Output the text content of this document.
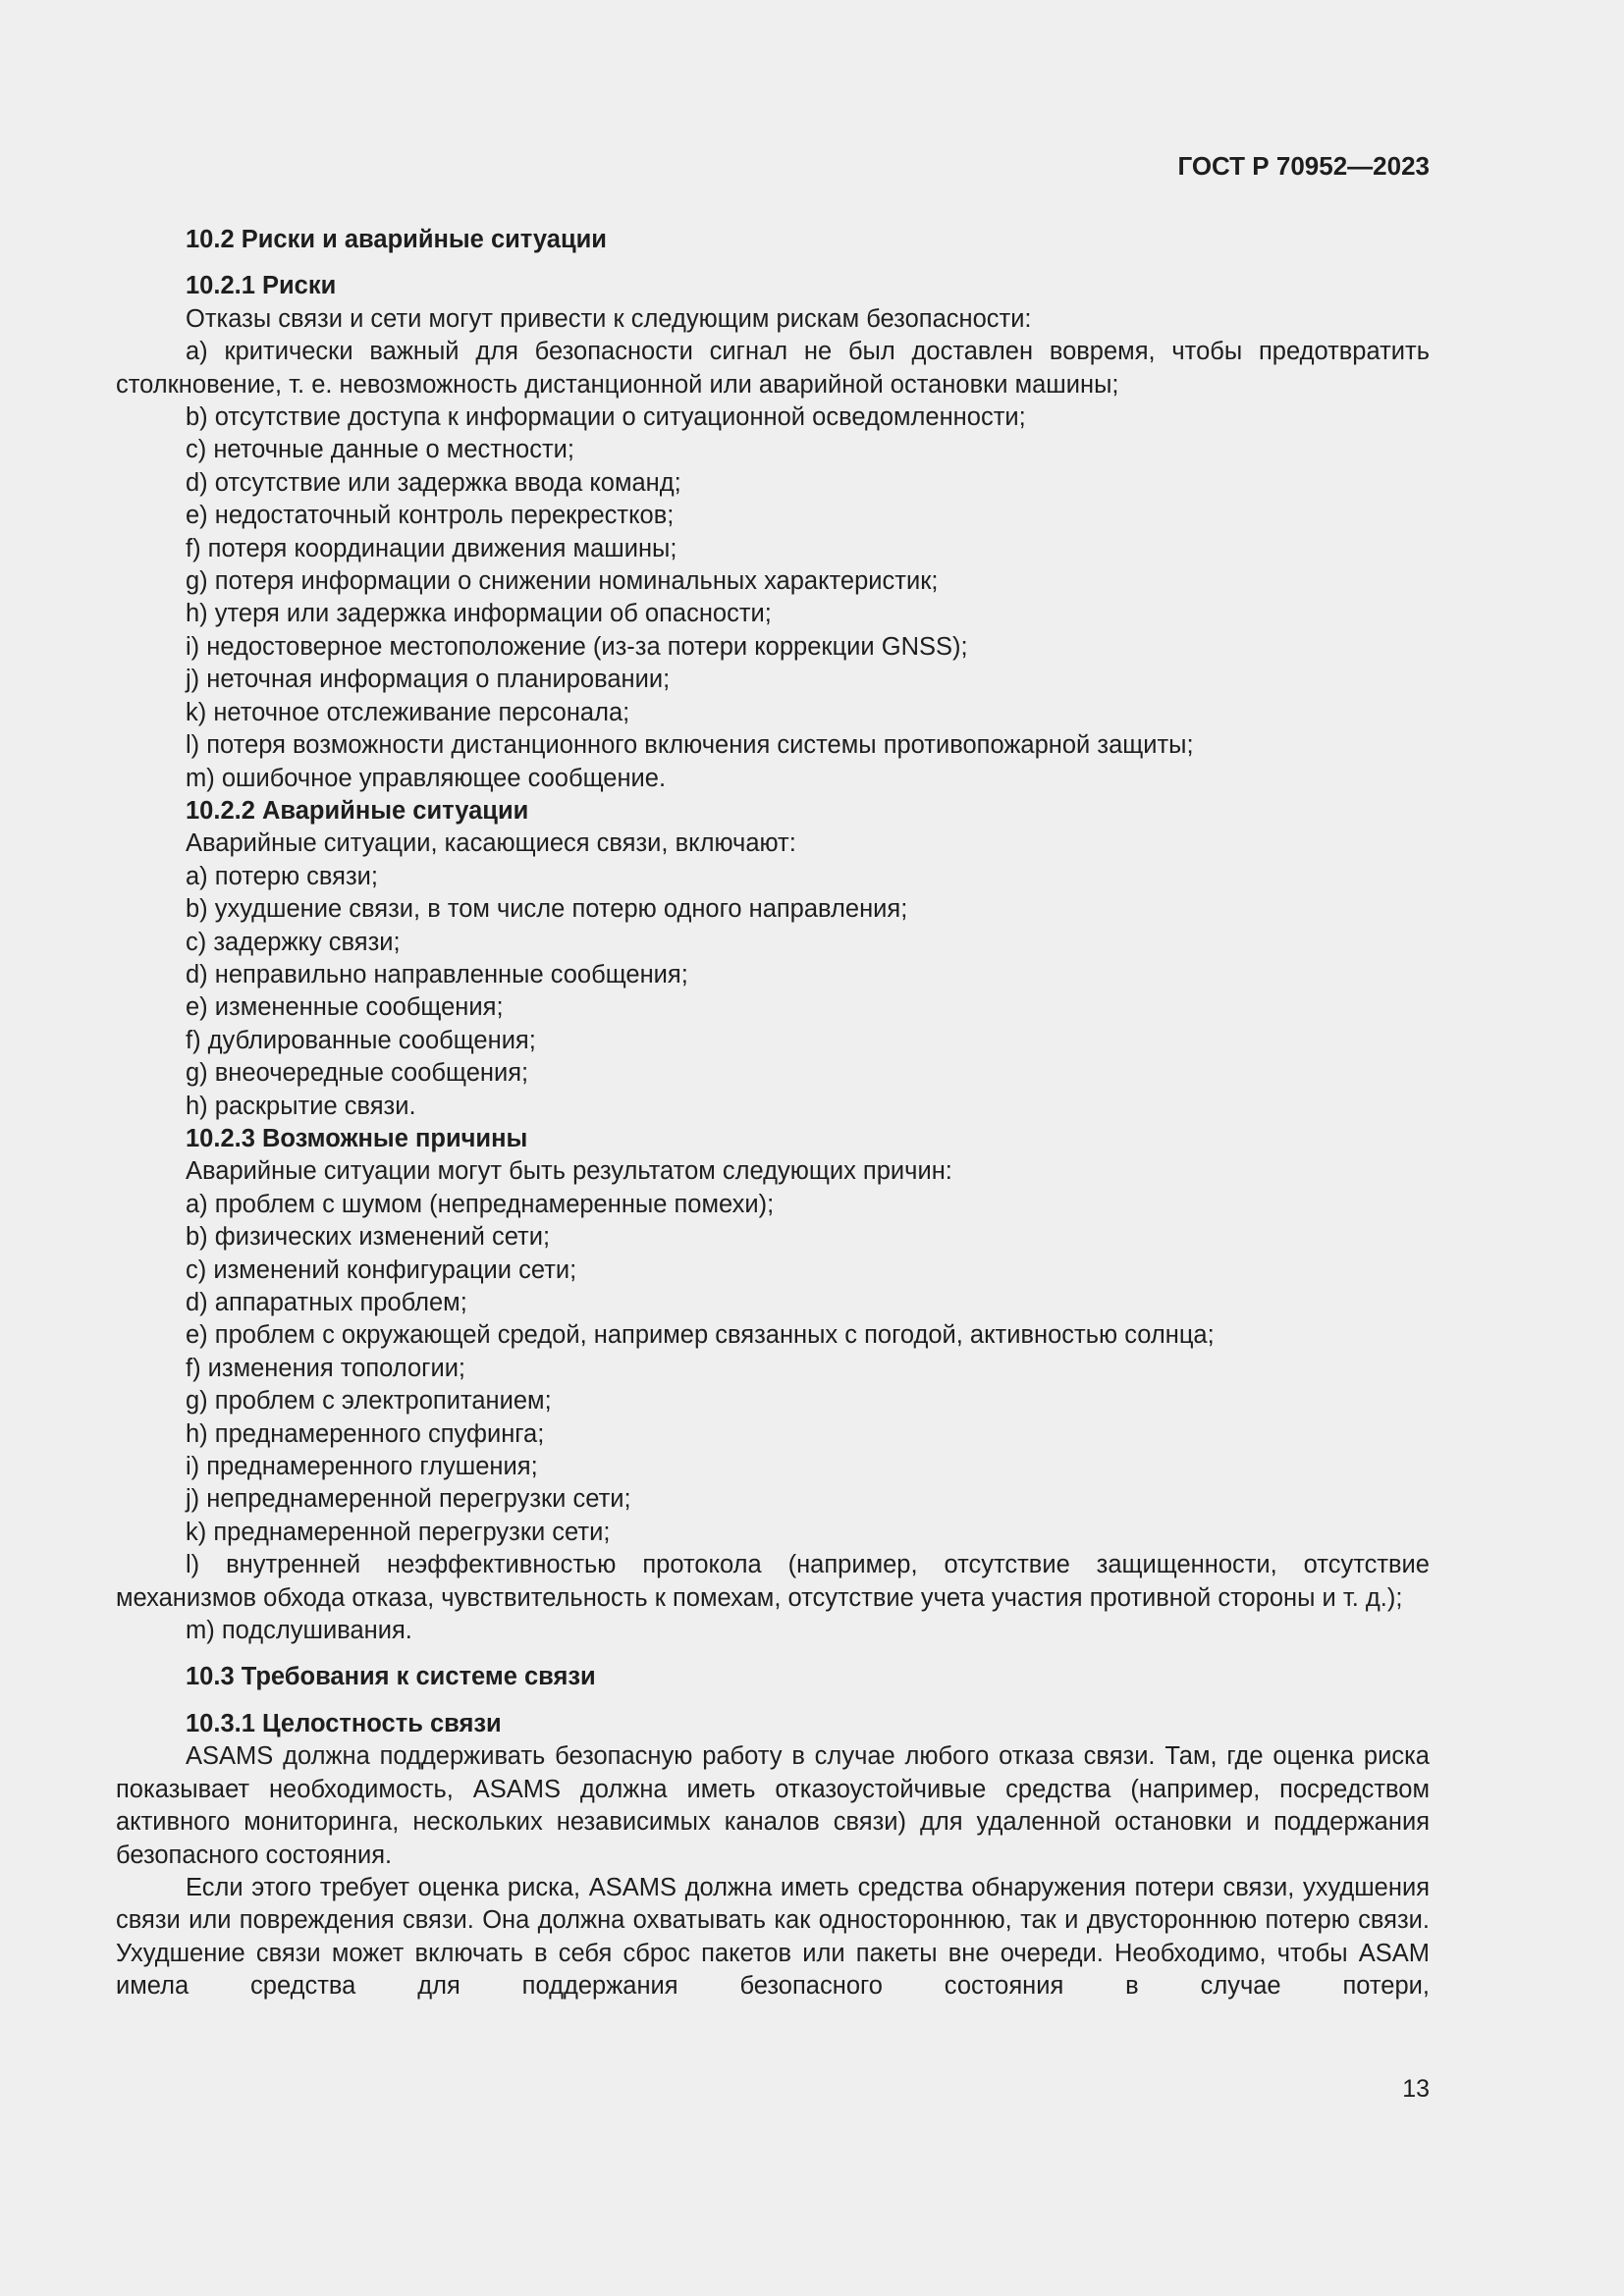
ГОСТ Р 70952—2023

10.2 Риски и аварийные ситуации

10.2.1 Риски

Отказы связи и сети могут привести к следующим рискам безопасности:

a) критически важный для безопасности сигнал не был доставлен вовремя, чтобы предотвратить столкновение, т. е. невозможность дистанционной или аварийной остановки машины;

b) отсутствие доступа к информации о ситуационной осведомленности;

c) неточные данные о местности;

d) отсутствие или задержка ввода команд;

e) недостаточный контроль перекрестков;

f) потеря координации движения машины;

g) потеря информации о снижении номинальных характеристик;

h) утеря или задержка информации об опасности;

i) недостоверное местоположение (из-за потери коррекции GNSS);

j) неточная информация о планировании;

k) неточное отслеживание персонала;

l) потеря возможности дистанционного включения системы противопожарной защиты;

m) ошибочное управляющее сообщение.

10.2.2 Аварийные ситуации

Аварийные ситуации, касающиеся связи, включают:

a) потерю связи;

b) ухудшение связи, в том числе потерю одного направления;

c) задержку связи;

d) неправильно направленные сообщения;

e) измененные сообщения;

f) дублированные сообщения;

g) внеочередные сообщения;

h) раскрытие связи.

10.2.3 Возможные причины

Аварийные ситуации могут быть результатом следующих причин:

a) проблем с шумом (непреднамеренные помехи);

b) физических изменений сети;

c) изменений конфигурации сети;

d) аппаратных проблем;

e) проблем с окружающей средой, например связанных с погодой, активностью солнца;

f) изменения топологии;

g) проблем с электропитанием;

h) преднамеренного спуфинга;

i) преднамеренного глушения;

j) непреднамеренной перегрузки сети;

k) преднамеренной перегрузки сети;

l) внутренней неэффективностью протокола (например, отсутствие защищенности, отсутствие механизмов обхода отказа, чувствительность к помехам, отсутствие учета участия противной стороны и т. д.);

m) подслушивания.

10.3 Требования к системе связи

10.3.1 Целостность связи

ASAMS должна поддерживать безопасную работу в случае любого отказа связи. Там, где оценка риска показывает необходимость, ASAMS должна иметь отказоустойчивые средства (например, посредством активного мониторинга, нескольких независимых каналов связи) для удаленной остановки и поддержания безопасного состояния.

Если этого требует оценка риска, ASAMS должна иметь средства обнаружения потери связи, ухудшения связи или повреждения связи. Она должна охватывать как одностороннюю, так и двустороннюю потерю связи. Ухудшение связи может включать в себя сброс пакетов или пакеты вне очереди. Необходимо, чтобы ASAM имела средства для поддержания безопасного состояния в случае потери,

13
